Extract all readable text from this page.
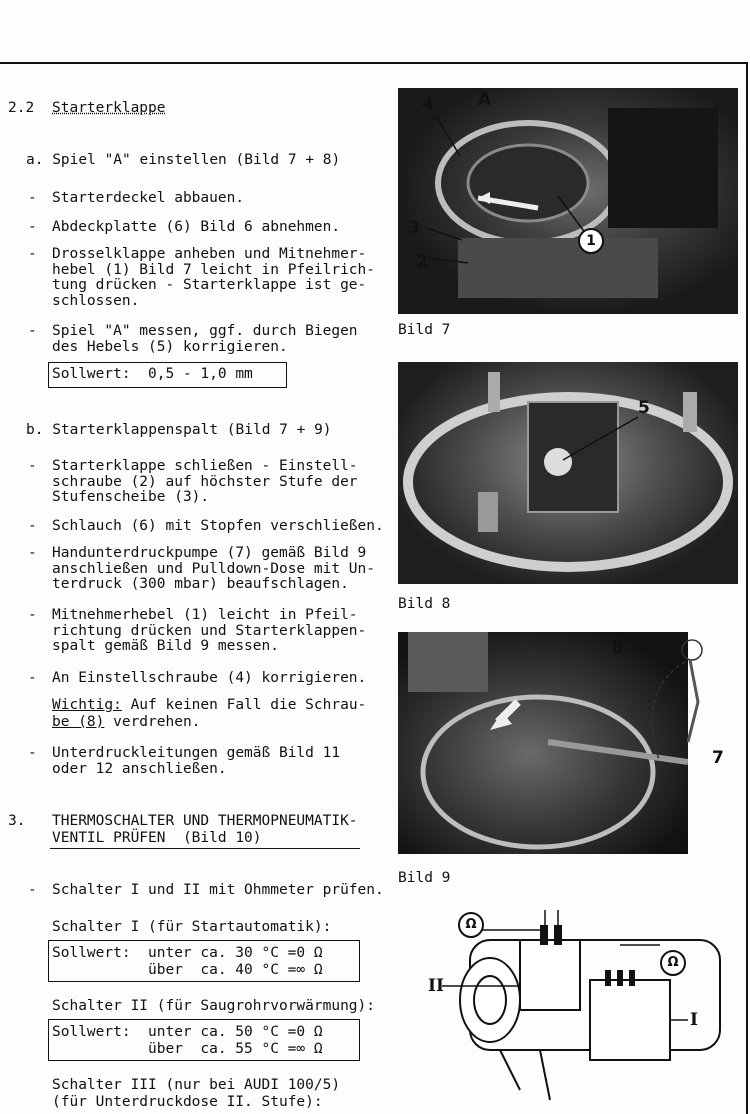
2.2 Starterklappe
a. Spiel "A" einstellen (Bild 7 + 8)
- Starterdeckel abbauen.
- Abdeckplatte (6) Bild 6 abnehmen.
- Drosselklappe anheben und Mitnehmer-
hebel (1) Bild 7 leicht in Pfeilrich-
tung drücken - Starterklappe ist ge-
schlossen.
- Spiel "A" messen, ggf. durch Biegen
des Hebels (5) korrigieren.
Sollwert:  0,5 - 1,0 mm
b. Starterklappenspalt (Bild 7 + 9)
- Starterklappe schließen - Einstell-
schraube (2) auf höchster Stufe der
Stufenscheibe (3).
- Schlauch (6) mit Stopfen verschließen.
- Handunterdruckpumpe (7) gemäß Bild 9
anschließen und Pulldown-Dose mit Un-
terdruck (300 mbar) beaufschlagen.
- Mitnehmerhebel (1) leicht in Pfeil-
richtung drücken und Starterklappen-
spalt gemäß Bild 9 messen.
- An Einstellschraube (4) korrigieren.
Wichtig: Auf keinen Fall die Schrau-
be (8) verdrehen.
- Unterdruckleitungen gemäß Bild 11
oder 12 anschließen.
3. THERMOSCHALTER UND THERMOPNEUMATIK-
VENTIL PRÜFEN  (Bild 10)
- Schalter I und II mit Ohmmeter prüfen.
Schalter I (für Startautomatik):
Sollwert: unter ca. 30 °C =0 Ω
über  ca. 40 °C =∞ Ω
Schalter II (für Saugrohrvorwärmung):
Sollwert: unter ca. 50 °C =0 Ω
über  ca. 55 °C =∞ Ω
Schalter III (nur bei AUDI 100/5)
(für Unterdruckdose II. Stufe):
4	A
3
2
1
Bild 7
5
Bild 8
8
7
6
Bild 9
Ω
Ω
II
I
